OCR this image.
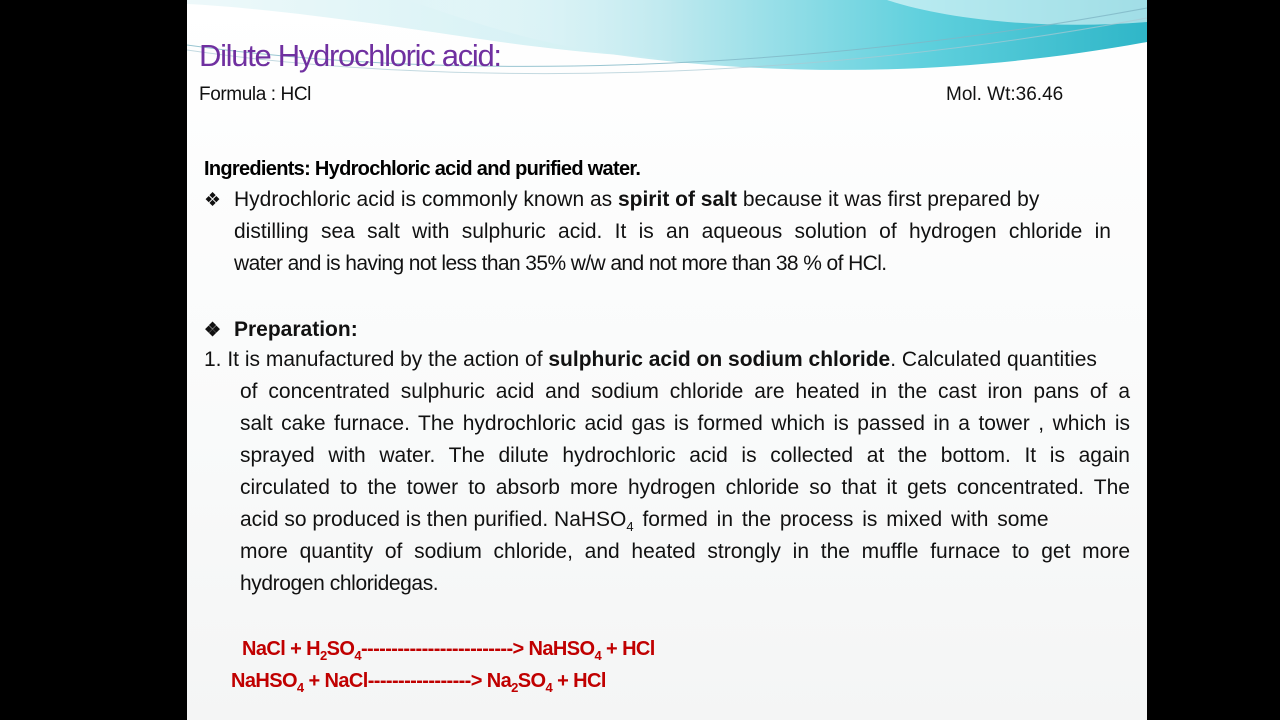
Dilute Hydrochloric acid:
Formula : HCl	Mol. Wt:36.46
Ingredients: Hydrochloric acid and purified water.
❖ Hydrochloric acid is commonly known as spirit of salt because it was first prepared by
distilling sea salt with sulphuric acid. It is an aqueous solution of hydrogen chloride in
water and is having not less than 35% w/w and not more than 38 % of HCl.
❖ Preparation:
1. It is manufactured by the action of sulphuric acid on sodium chloride. Calculated quantities
of concentrated sulphuric acid and sodium chloride are heated in the cast iron pans of a
salt cake furnace. The hydrochloric acid gas is formed which is passed in a tower , which is
sprayed with water. The dilute hydrochloric acid is collected at the bottom. It is again
circulated to the tower to absorb more hydrogen chloride so that it gets concentrated. The
acid so produced is then purified. NaHSO$_4$ formed in the process is mixed with some
more quantity of sodium chloride, and heated strongly in the muffle furnace to get more
hydrogen chloridegas.
NaCl + $H_2SO_4------------------------->$ NaHSO$_4$ + HCl
NaHSO$_4$ + NaCl-----------------> $Na_2SO_4$ + HCl
